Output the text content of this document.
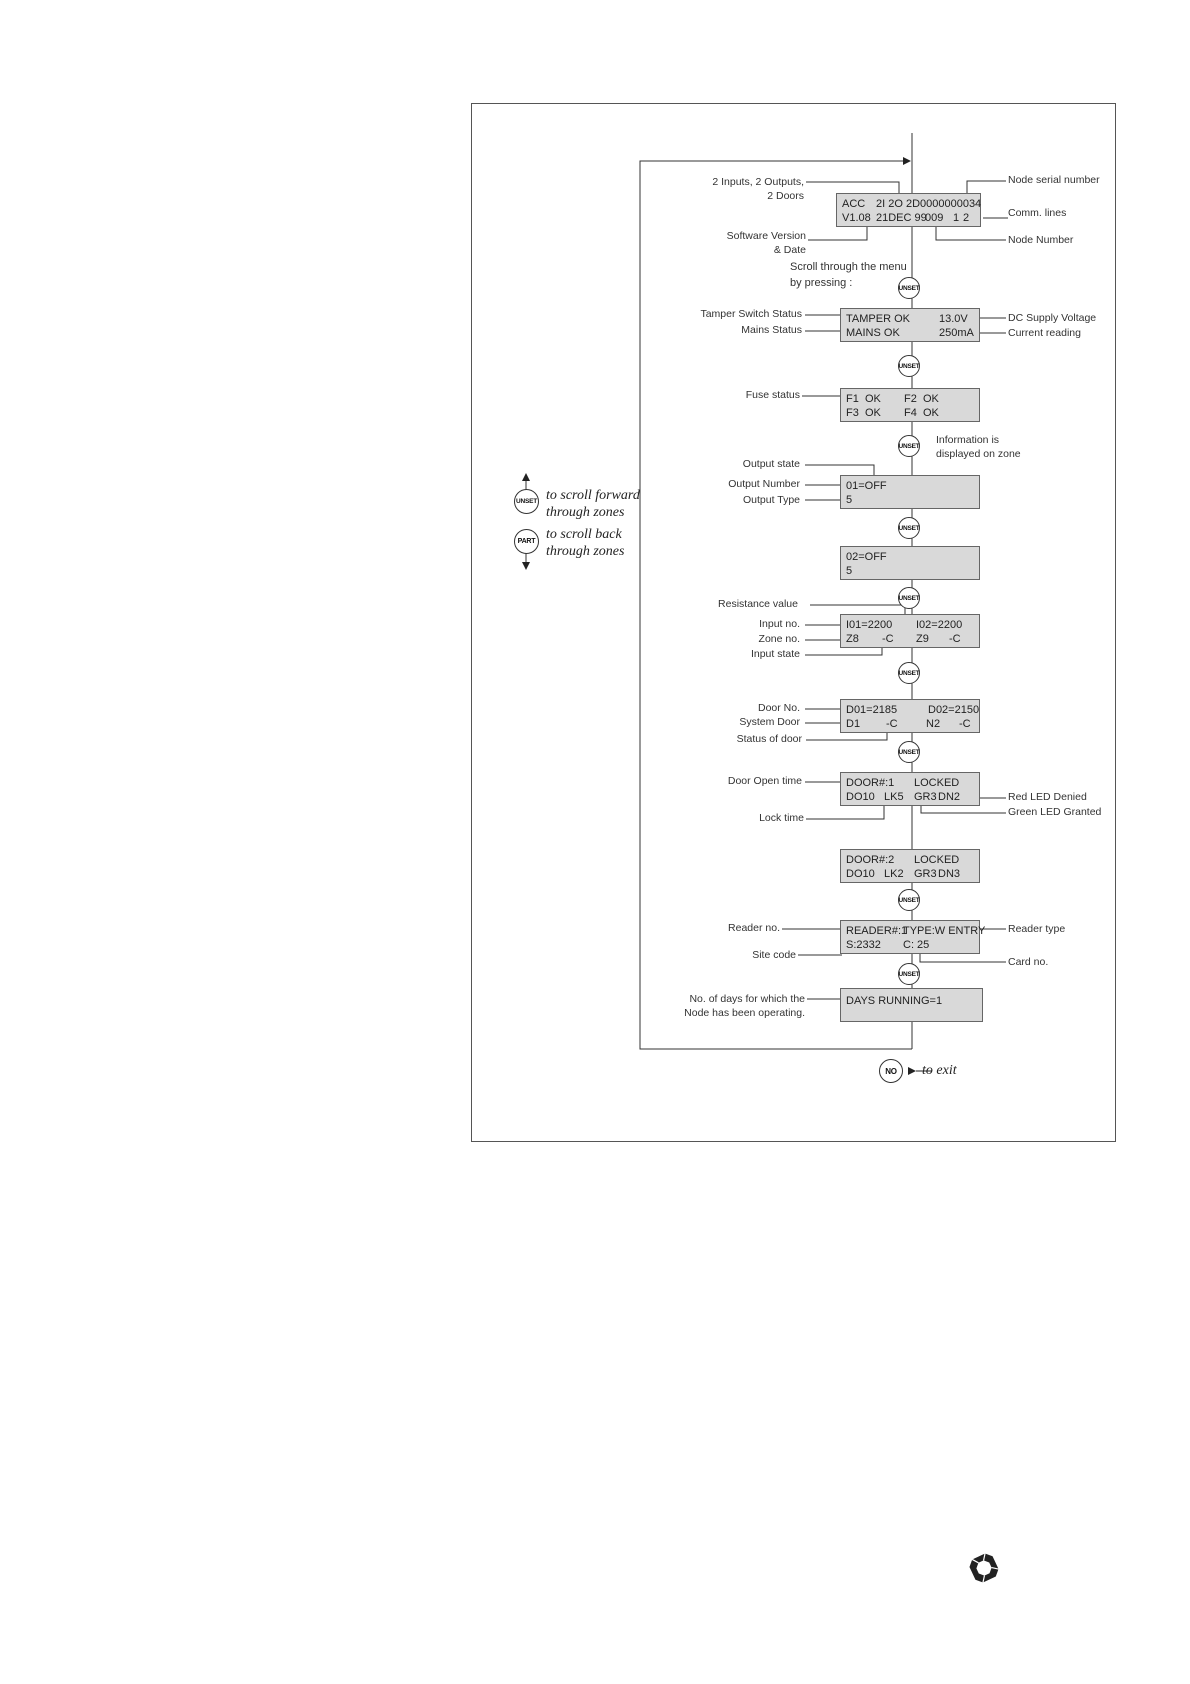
ACC 2I 2O 2D 0000000034
V1.08 21DEC 99
009 1 2
2 Inputs, 2 Outputs,
2 Doors
Node serial number
Comm. lines
Node Number
Software Version
& Date
Scroll through the menu
by pressing :	UNSET
TAMPER OK	13.0V
MAINS OK	250mA
Tamper Switch Status
Mains Status
DC Supply Voltage
Current reading
UNSET
F1  OK F2  OK
F3  OK F4  OK
Fuse status
UNSET Information is
displayed on zone
01=OFF
5
Output state
Output Number
Output Type
UNSET
02=OFF
5
UNSET
I01=2200 I02=2200
Z8 -C Z9 -C
Resistance value
Input no.
Zone no.
Input state
UNSET
D01=2185	D02=2150
D1 -C	N2 -C
Door No.
System Door
Status of door
UNSET
DOOR#:1 LOCKED
DO10 LK5 GR3 DN2
Door Open time
Lock time
Red LED Denied
Green LED Granted
DOOR#:2 LOCKED
DO10 LK2 GR3 DN3
UNSET
READER#:1
TYPE:W ENTRY
S:2332 C: 25
Reader no.
Site code
Reader type
Card no.
UNSET
DAYS RUNNING=1
No. of days for which the
Node has been operating.
NO	to exit
UNSET
PART
to scroll forward
through zones
to scroll back
through zones
